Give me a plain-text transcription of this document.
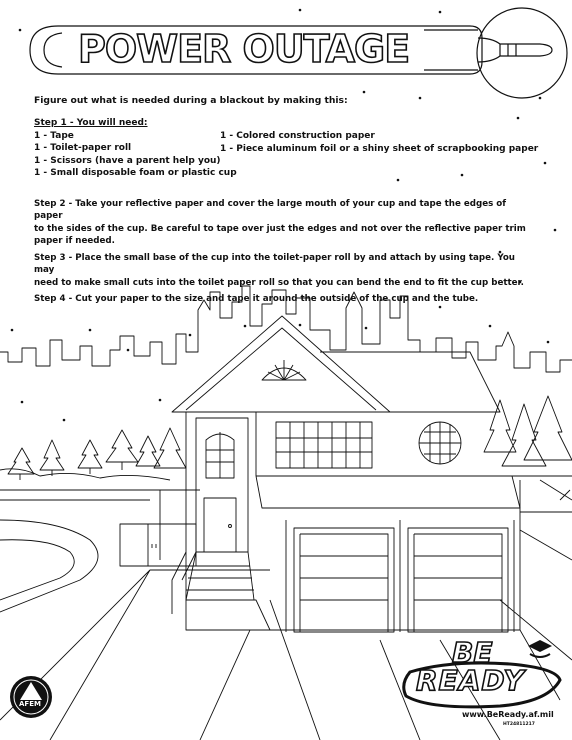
POWER OUTAGE
Figure out what is needed during a blackout by making this:
Step 1 - You will need:
1 - Tape
1 - Toilet-paper roll
1 - Scissors (have a parent help you)
1 - Small disposable foam or plastic cup
1 - Colored construction paper
1 - Piece aluminum foil or a shiny sheet of scrapbooking paper
Step 2 - Take your reflective paper and cover the large mouth of your cup and tape the edges of paper
to the sides of the cup. Be careful to tape over just the edges and not over the reflective paper trim
paper if needed.
Step 3 - Place the small base of the cup into the toilet-paper roll by and attach by using tape. You may
need to make small cuts into the toilet paper roll so that you can bend the end to fit the cup better.
Step 4 - Cut your paper to the size and tape it around the outside of the cup and the tube.
AFEM
BE
READY
www.BeReady.af.mil
HT24811217
